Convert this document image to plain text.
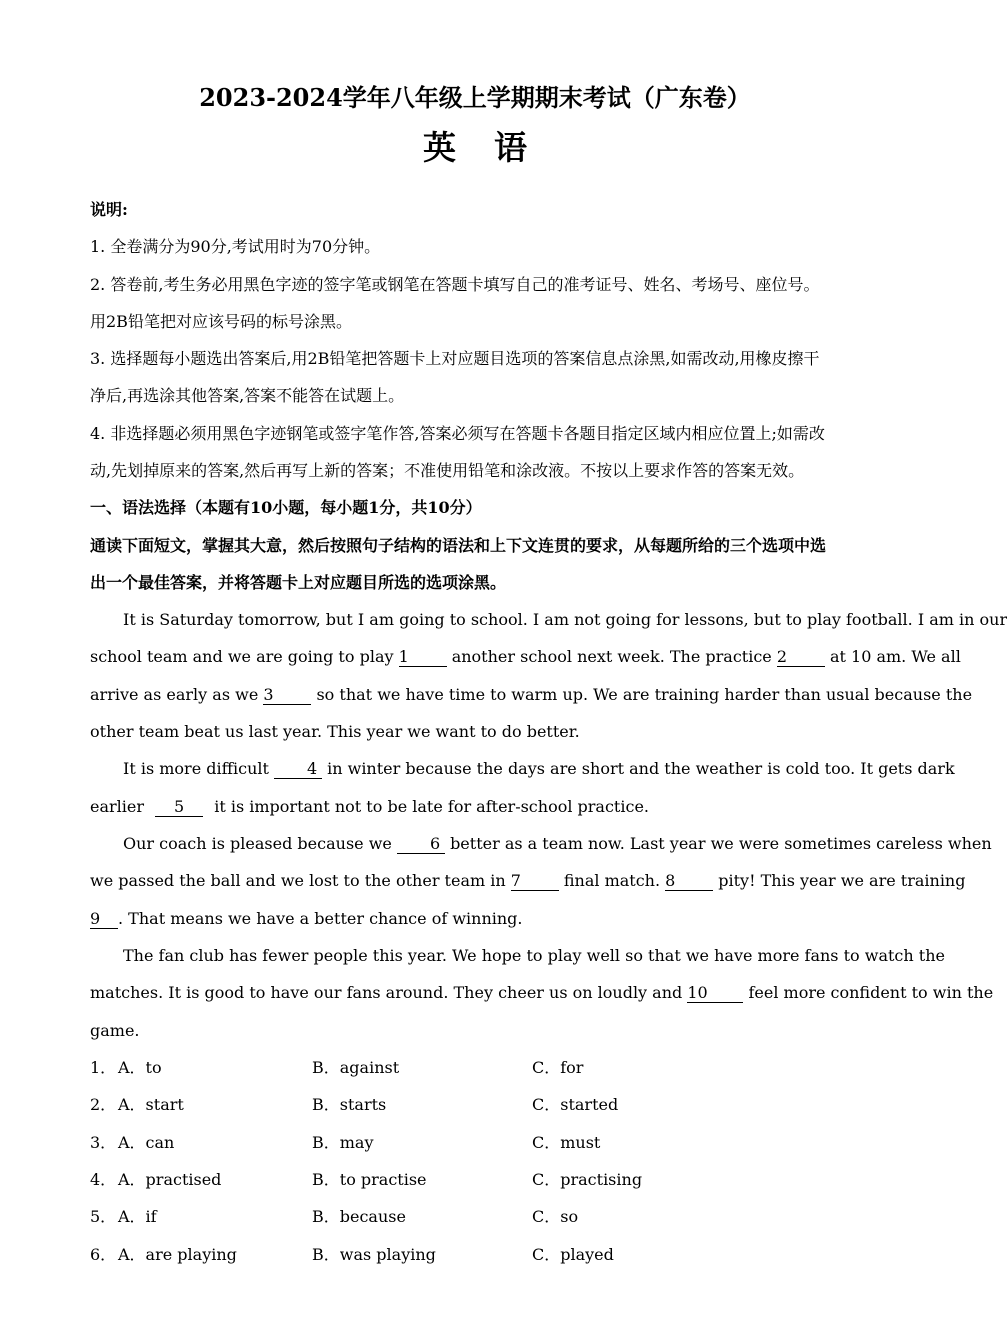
2023-2024学年八年级上学期期末考试（广东卷）
英语
说明:
1. 全卷满分为90分,考试用时为70分钟。
2. 答卷前,考生务必用黑色字迹的签字笔或钢笔在答题卡填写自己的准考证号、姓名、考场号、座位号。
用2B铅笔把对应该号码的标号涂黑。
3. 选择题每小题选出答案后,用2B铅笔把答题卡上对应题目选项的答案信息点涂黑,如需改动,用橡皮擦干
净后,再选涂其他答案,答案不能答在试题上。
4. 非选择题必须用黑色字迹钢笔或签字笔作答,答案必须写在答题卡各题目指定区域内相应位置上;如需改
动,先划掉原来的答案,然后再写上新的答案；不准使用铅笔和涂改液。不按以上要求作答的答案无效。
一、语法选择（本题有10小题，每小题1分，共10分）
通读下面短文，掌握其大意，然后按照句子结构的语法和上下文连贯的要求，从每题所给的三个选项中选
出一个最佳答案，并将答题卡上对应题目所选的选项涂黑。
It is Saturday tomorrow, but I am going to school. I am not going for lessons, but to play football. I am in our
school team and we are going to play 1	another school next week. The practice 2	at 10 am. We all
arrive as early as we 3	so that we have time to warm up. We are training harder than usual because the
other team beat us last year. This year we want to do better.
It is more difficult 4 in winter because the days are short and the weather is cold too. It gets dark
earlier 5 it is important not to be late for after-school practice.
Our coach is pleased because we 6 better as a team now. Last year we were sometimes careless when
we passed the ball and we lost to the other team in 7	final match. 8	pity! This year we are training
9 . That means we have a better chance of winning.
The fan club has fewer people this year. We hope to play well so that we have more fans to watch the
matches. It is good to have our fans around. They cheer us on loudly and 10	feel more confident to win the
game.
1． A．to	B．against	C．for
2． A．start	B．starts	C．started
3． A．can	B．may	C．must
4． A．practised	B．to practise	C．practising
5． A．if	B．because	C．so
6． A．are playing	B．was playing	C．played
